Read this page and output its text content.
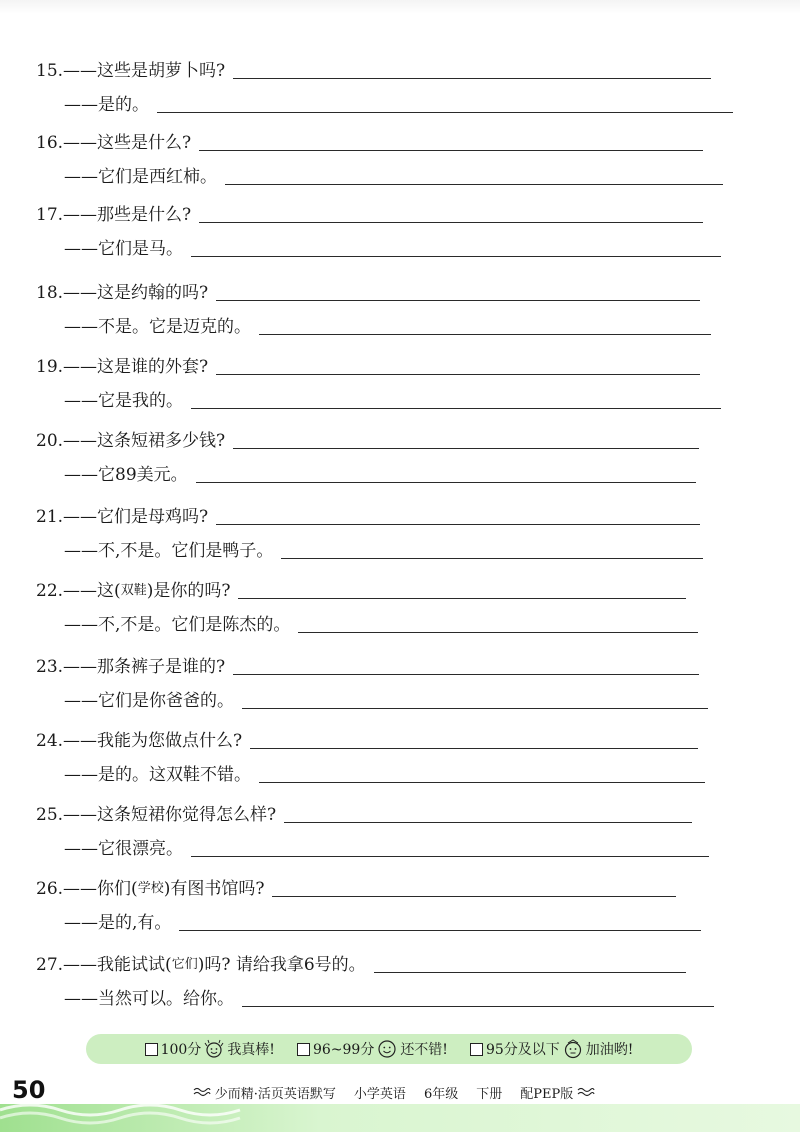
15. ——这些是胡萝卜吗?
——是的。
16. ——这些是什么?
——它们是西红柿。
17. ——那些是什么?
——它们是马。
18. ——这是约翰的吗?
——不是。它是迈克的。
19. ——这是谁的外套?
——它是我的。
20. ——这条短裙多少钱?
——它89美元。
21. ——它们是母鸡吗?
——不,不是。它们是鸭子。
22. ——这( 双鞋 )是你的吗?
——不,不是。它们是陈杰的。
23. ——那条裤子是谁的?
——它们是你爸爸的。
24. ——我能为您做点什么?
——是的。这双鞋不错。
25. ——这条短裙你觉得怎么样?
——它很漂亮。
26. ——你们( 学校 )有图书馆吗?
——是的,有。
27. ——我能试试( 它们 )吗? 请给我拿6号的。
——当然可以。给你。
100分 我真棒!	96~99分 还不错!	95分及以下 加油哟!
50	少而精·活页英语默写 小学英语 6年级 下册 配PEP版
